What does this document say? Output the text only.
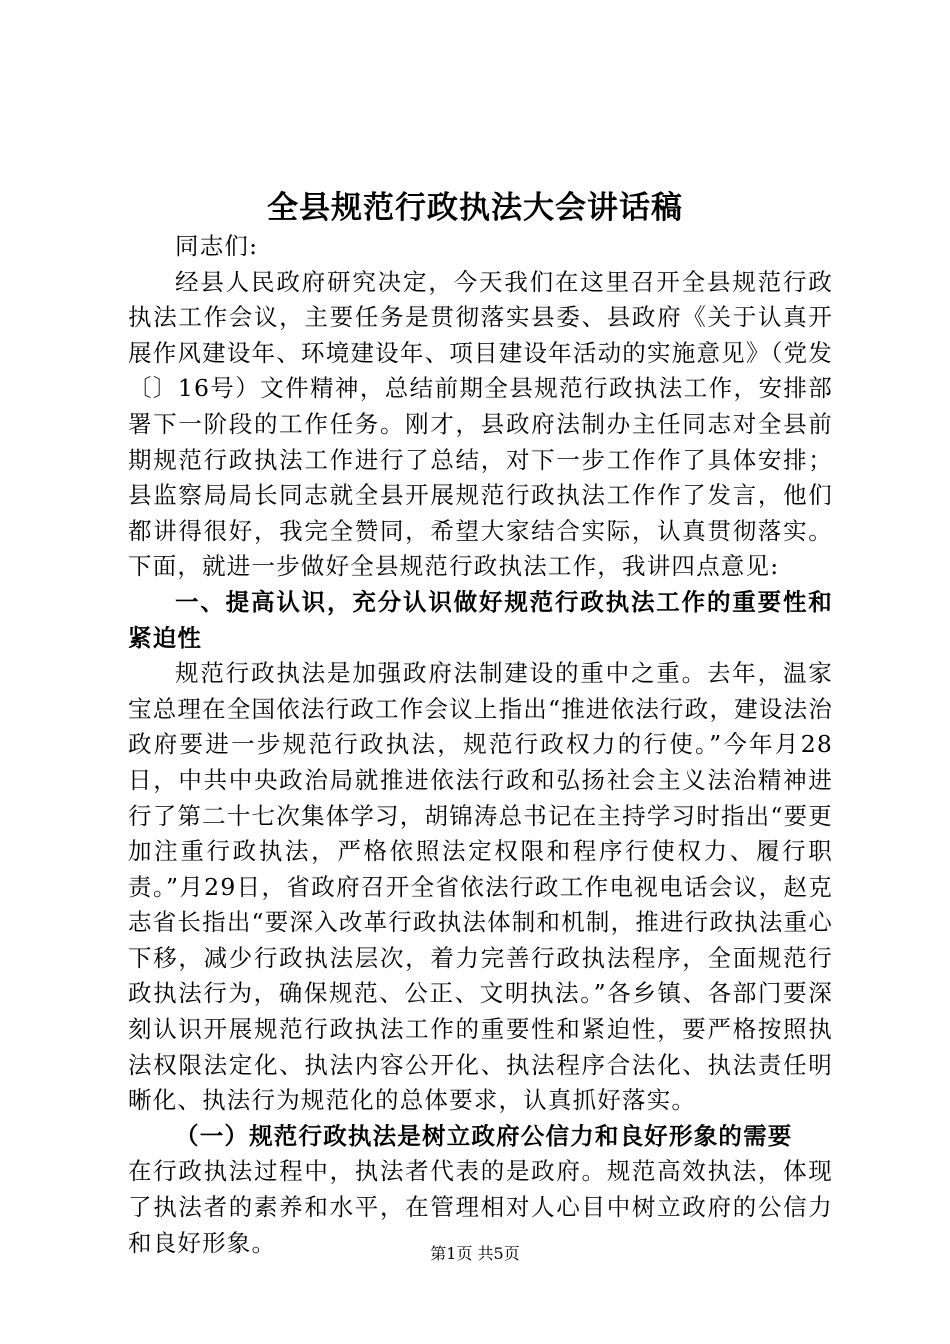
全县规范行政执法大会讲话稿

同志们:

经县人民政府研究决定，今天我们在这里召开全县规范行政执法工作会议，主要任务是贯彻落实县委、县政府《关于认真开展作风建设年、环境建设年、项目建设年活动的实施意见》（党发〔〕16号）文件精神，总结前期全县规范行政执法工作，安排部署下一阶段的工作任务。刚才，县政府法制办主任同志对全县前期规范行政执法工作进行了总结，对下一步工作作了具体安排；县监察局局长同志就全县开展规范行政执法工作作了发言，他们都讲得很好，我完全赞同，希望大家结合实际，认真贯彻落实。下面，就进一步做好全县规范行政执法工作，我讲四点意见:

一、提高认识，充分认识做好规范行政执法工作的重要性和紧迫性

规范行政执法是加强政府法制建设的重中之重。去年，温家宝总理在全国依法行政工作会议上指出“推进依法行政，建设法治政府要进一步规范行政执法，规范行政权力的行使。”今年月28日，中共中央政治局就推进依法行政和弘扬社会主义法治精神进行了第二十七次集体学习，胡锦涛总书记在主持学习时指出“要更加注重行政执法，严格依照法定权限和程序行使权力、履行职责。”月29日，省政府召开全省依法行政工作电视电话会议，赵克志省长指出“要深入改革行政执法体制和机制，推进行政执法重心下移，减少行政执法层次，着力完善行政执法程序，全面规范行政执法行为，确保规范、公正、文明执法。”各乡镇、各部门要深刻认识开展规范行政执法工作的重要性和紧迫性，要严格按照执法权限法定化、执法内容公开化、执法程序合法化、执法责任明晰化、执法行为规范化的总体要求，认真抓好落实。

（一）规范行政执法是树立政府公信力和良好形象的需要

在行政执法过程中，执法者代表的是政府。规范高效执法，体现了执法者的素养和水平，在管理相对人心目中树立政府的公信力和良好形象。	第1页 共5页
